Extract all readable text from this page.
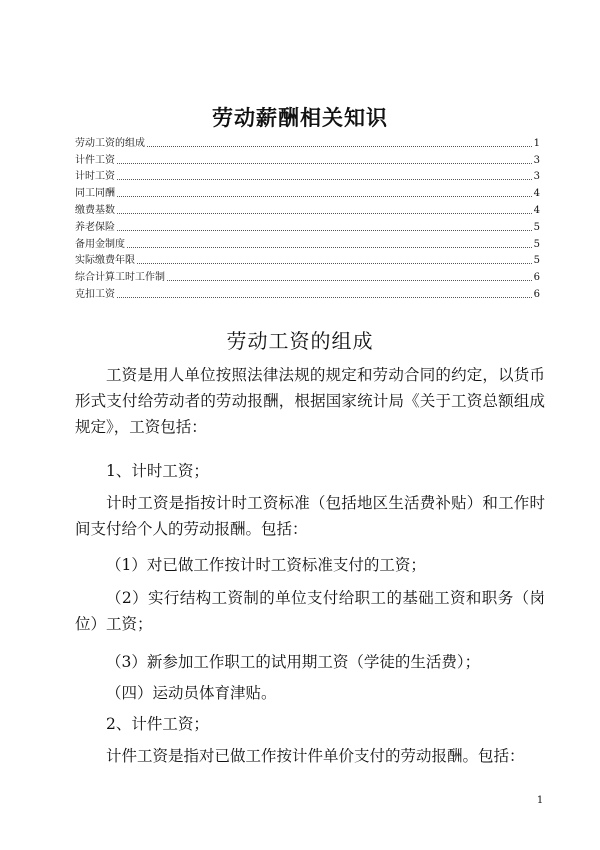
劳动薪酬相关知识
劳动工资的组成	1
计件工资	3
计时工资	3
同工同酬	4
缴费基数	4
养老保险	5
备用金制度	5
实际缴费年限	5
综合计算工时工作制	6
克扣工资	6
劳动工资的组成

工资是用人单位按照法律法规的规定和劳动合同的约定，以货币形式支付给劳动者的劳动报酬，根据国家统计局《关于工资总额组成规定》，工资包括：

1、计时工资；

计时工资是指按计时工资标准（包括地区生活费补贴）和工作时间支付给个人的劳动报酬。包括：

（1）对已做工作按计时工资标准支付的工资；

（2）实行结构工资制的单位支付给职工的基础工资和职务（岗位）工资；

（3）新参加工作职工的试用期工资（学徒的生活费）；

（四）运动员体育津贴。

2、计件工资；

计件工资是指对已做工作按计件单价支付的劳动报酬。包括：

1
